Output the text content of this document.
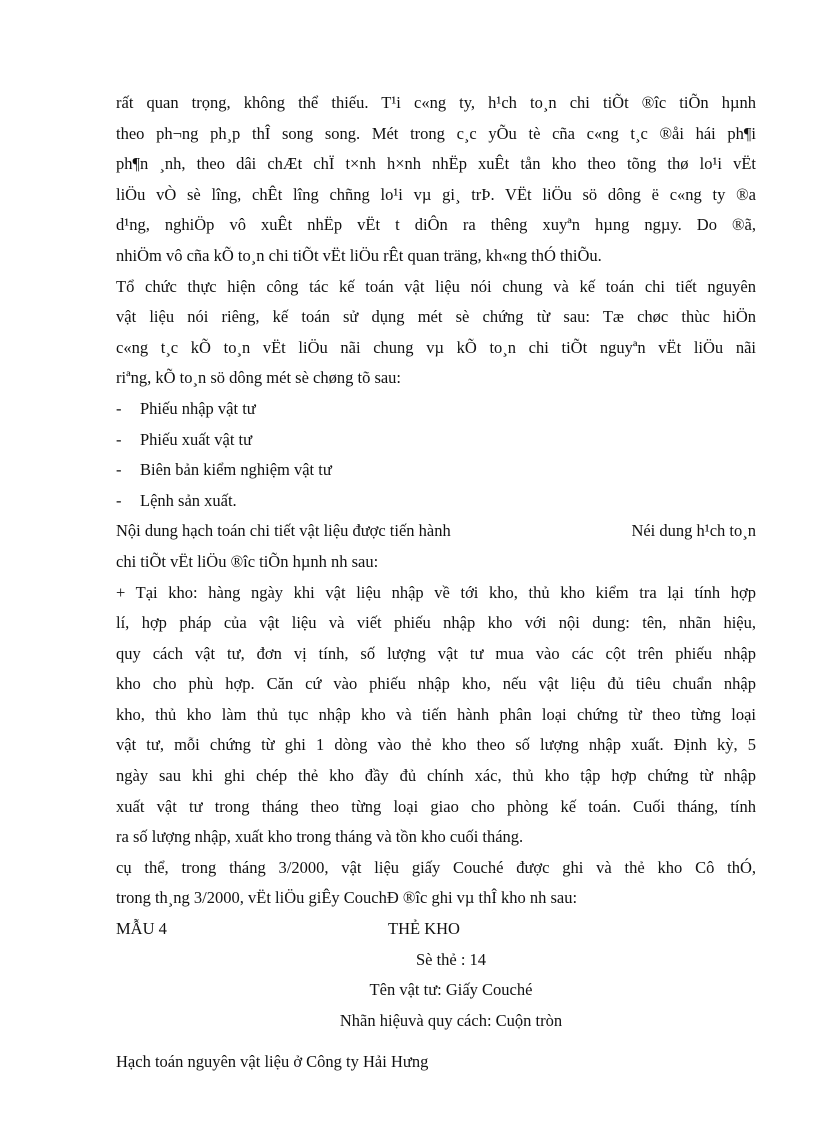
rất quan trọng, không thể thiếu. T¹i c«ng ty, h¹ch to¸n chi tiÕt ®îc tiÕn hµnh

theo ph¬ng ph¸p thÎ song song. Mét trong c¸c yÕu tè cña c«ng t¸c ®åi hái ph¶i

ph¶n ¸nh, theo dâi chÆt chÏ t×nh h×nh nhËp xuÊt tån kho theo tõng thø lo¹i vËt

liÖu vÒ sè lîng, chÊt lîng chñng lo¹i vµ gi¸ trÞ. VËt liÖu sö dông ë c«ng ty ®a

d¹ng, nghiÖp vô xuÊt nhËp vËt t diÔn ra thêng xuyªn hµng ngµy. Do ®ã,

nhiÖm vô cña kÕ to¸n chi tiÕt vËt liÖu rÊt quan träng, kh«ng thÓ thiÕu.

Tổ chức thực hiện công tác kế toán vật liệu nói chung và kế toán chi tiết nguyên

vật liệu nói riêng, kế toán sử dụng mét sè chứng từ sau: Tæ chøc thùc hiÖn

c«ng t¸c kÕ to¸n vËt liÖu nãi chung vµ kÕ to¸n chi tiÕt nguyªn vËt liÖu nãi

riªng, kÕ to¸n sö dông mét sè chøng tõ sau:

-	Phiếu nhập vật tư
-	Phiếu xuất vật tư
-	Biên bản kiểm nghiệm vật tư
-	Lệnh sản xuất.

Nội dung hạch toán chi tiết vật liệu được tiến hành	Néi dung h¹ch to¸n

chi tiÕt vËt liÖu ®îc tiÕn hµnh nh sau:

+ Tại kho: hàng ngày khi vật liệu nhập về tới kho, thủ kho kiểm tra lại tính hợp

lí, hợp pháp của vật liệu và viết phiếu nhập kho với nội dung: tên, nhãn hiệu,

quy cách vật tư, đơn vị tính, số lượng vật tư mua vào các cột trên phiếu nhập

kho cho phù hợp. Căn cứ vào phiếu nhập kho, nếu vật liệu đủ tiêu chuẩn nhập

kho, thủ kho làm thủ tục nhập kho và tiến hành phân loại chứng từ theo từng loại

vật tư, mỗi chứng từ ghi 1 dòng vào thẻ kho theo số lượng nhập xuất. Định kỳ, 5

ngày sau khi ghi chép thẻ kho đầy đủ chính xác, thủ kho tập hợp chứng từ nhập

xuất vật tư trong tháng theo từng loại giao cho phòng kế toán. Cuối tháng, tính

ra số lượng nhập, xuất kho trong tháng và tồn kho cuối tháng.

cụ thể, trong tháng 3/2000, vật liệu giấy Couché được ghi và thẻ kho Cô thÓ,

trong th¸ng 3/2000, vËt liÖu giÊy CouchÐ ®îc ghi vµ thÎ kho nh sau:

MẪU 4	THẺ KHO
Sè thẻ : 14
Tên vật tư: Giấy Couché
Nhãn hiệuvà quy cách: Cuộn tròn
Hạch toán nguyên vật liệu ở Công ty Hải Hưng
